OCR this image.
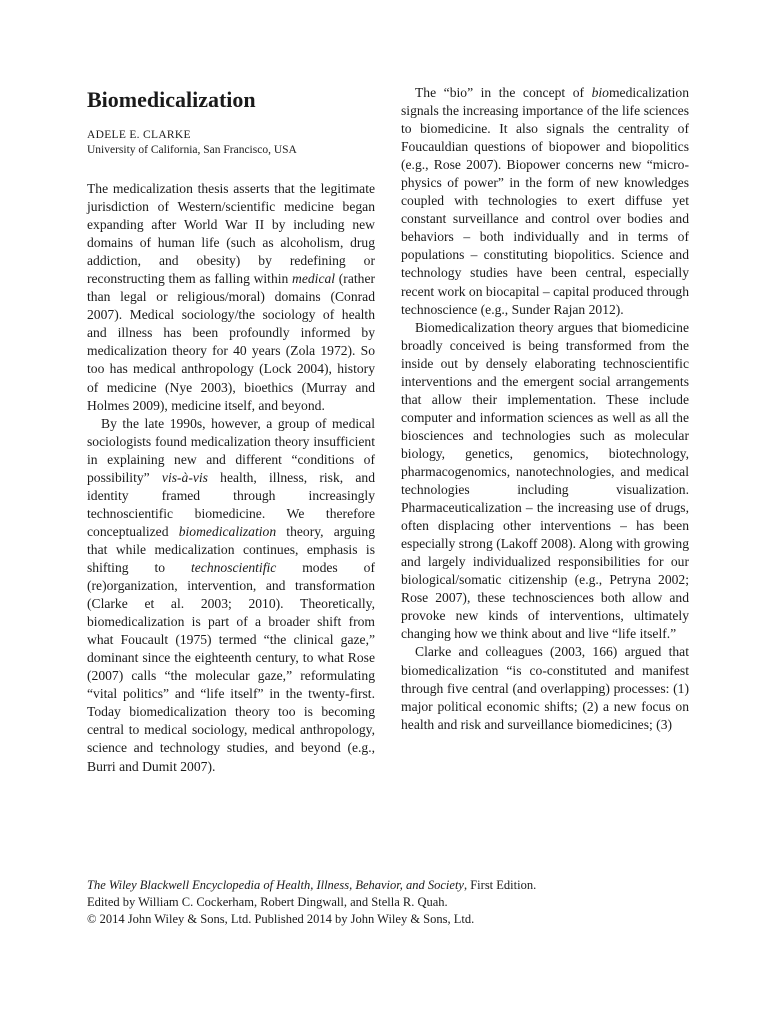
Biomedicalization
ADELE E. CLARKE
University of California, San Francisco, USA

The medicalization thesis asserts that the legitimate jurisdiction of Western/scientific medicine began expanding after World War II by including new domains of human life (such as alcoholism, drug addiction, and obesity) by redefining or reconstructing them as falling within medical (rather than legal or religious/moral) domains (Conrad 2007). Medical sociology/the sociology of health and illness has been profoundly informed by medicalization theory for 40 years (Zola 1972). So too has medical anthropology (Lock 2004), history of medicine (Nye 2003), bioethics (Murray and Holmes 2009), medicine itself, and beyond.

By the late 1990s, however, a group of medical sociologists found medicalization theory insufficient in explaining new and different “conditions of possibility” vis-à-vis health, illness, risk, and identity framed through increasingly technoscientific biomedicine. We therefore conceptualized biomedicalization theory, arguing that while medicalization continues, emphasis is shifting to technoscientific modes of (re)organization, intervention, and transformation (Clarke et al. 2003; 2010). Theoretically, biomedicalization is part of a broader shift from what Foucault (1975) termed “the clinical gaze,” dominant since the eighteenth century, to what Rose (2007) calls “the molecular gaze,” reformulating “vital politics” and “life itself” in the twenty-first. Today biomedicalization theory too is becoming central to medical sociology, medical anthropology, science and technology studies, and beyond (e.g., Burri and Dumit 2007).

The “bio” in the concept of biomedicalization signals the increasing importance of the life sciences to biomedicine. It also signals the centrality of Foucauldian questions of biopower and biopolitics (e.g., Rose 2007). Biopower concerns new “micro-physics of power” in the form of new knowledges coupled with technologies to exert diffuse yet constant surveillance and control over bodies and behaviors – both individually and in terms of populations – constituting biopolitics. Science and technology studies have been central, especially recent work on biocapital – capital produced through technoscience (e.g., Sunder Rajan 2012).

Biomedicalization theory argues that biomedicine broadly conceived is being transformed from the inside out by densely elaborating technoscientific interventions and the emergent social arrangements that allow their implementation. These include computer and information sciences as well as all the biosciences and technologies such as molecular biology, genetics, genomics, biotechnology, pharmacogenomics, nanotechnologies, and medical technologies including visualization. Pharmaceuticalization – the increasing use of drugs, often displacing other interventions – has been especially strong (Lakoff 2008). Along with growing and largely individualized responsibilities for our biological/somatic citizenship (e.g., Petryna 2002; Rose 2007), these technosciences both allow and provoke new kinds of interventions, ultimately changing how we think about and live “life itself.”

Clarke and colleagues (2003, 166) argued that biomedicalization “is co-constituted and manifest through five central (and overlapping) processes: (1) major political economic shifts; (2) a new focus on health and risk and surveillance biomedicines; (3)

The Wiley Blackwell Encyclopedia of Health, Illness, Behavior, and Society, First Edition.
Edited by William C. Cockerham, Robert Dingwall, and Stella R. Quah.
© 2014 John Wiley & Sons, Ltd. Published 2014 by John Wiley & Sons, Ltd.
